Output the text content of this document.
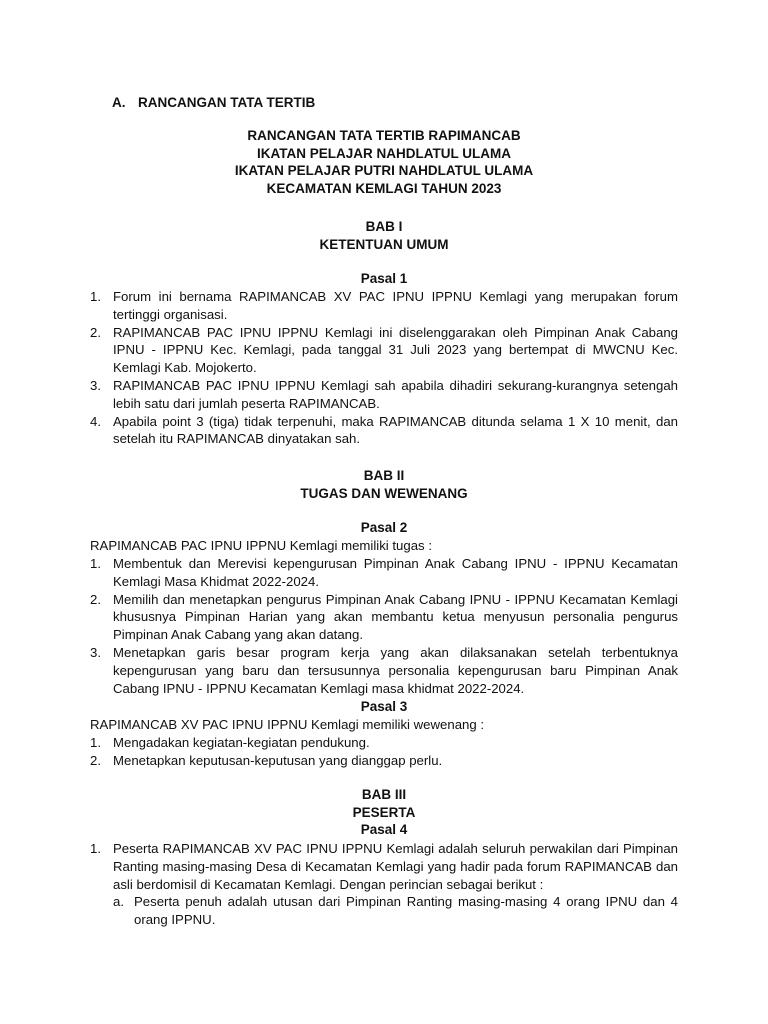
A. RANCANGAN TATA TERTIB
RANCANGAN TATA TERTIB RAPIMANCAB
IKATAN PELAJAR NAHDLATUL ULAMA
IKATAN PELAJAR PUTRI NAHDLATUL ULAMA
KECAMATAN KEMLAGI TAHUN 2023
BAB I
KETENTUAN UMUM
Pasal 1
1. Forum ini bernama RAPIMANCAB XV PAC IPNU IPPNU Kemlagi yang merupakan forum tertinggi organisasi.
2. RAPIMANCAB PAC IPNU IPPNU Kemlagi ini diselenggarakan oleh Pimpinan Anak Cabang IPNU - IPPNU Kec. Kemlagi, pada tanggal 31 Juli 2023 yang bertempat di MWCNU Kec. Kemlagi Kab. Mojokerto.
3. RAPIMANCAB PAC IPNU IPPNU Kemlagi sah apabila dihadiri sekurang-kurangnya setengah lebih satu dari jumlah peserta RAPIMANCAB.
4. Apabila point 3 (tiga) tidak terpenuhi, maka RAPIMANCAB ditunda selama 1 X 10 menit, dan setelah itu RAPIMANCAB dinyatakan sah.
BAB II
TUGAS DAN WEWENANG
Pasal 2
RAPIMANCAB PAC IPNU IPPNU Kemlagi memiliki tugas :
1. Membentuk dan Merevisi kepengurusan Pimpinan Anak Cabang IPNU - IPPNU Kecamatan Kemlagi Masa Khidmat 2022-2024.
2. Memilih dan menetapkan pengurus Pimpinan Anak Cabang IPNU - IPPNU Kecamatan Kemlagi khususnya Pimpinan Harian yang akan membantu ketua menyusun personalia pengurus Pimpinan Anak Cabang yang akan datang.
3. Menetapkan garis besar program kerja yang akan dilaksanakan setelah terbentuknya kepengurusan yang baru dan tersusunnya personalia kepengurusan baru Pimpinan Anak Cabang IPNU - IPPNU Kecamatan Kemlagi masa khidmat 2022-2024.
Pasal 3
RAPIMANCAB XV PAC IPNU IPPNU Kemlagi memiliki wewenang :
1. Mengadakan kegiatan-kegiatan pendukung.
2. Menetapkan keputusan-keputusan yang dianggap perlu.
BAB III
PESERTA
Pasal 4
1. Peserta RAPIMANCAB XV PAC IPNU IPPNU Kemlagi adalah seluruh perwakilan dari Pimpinan Ranting masing-masing Desa di Kecamatan Kemlagi yang hadir pada forum RAPIMANCAB dan asli berdomisil di Kecamatan Kemlagi. Dengan perincian sebagai berikut :
a. Peserta penuh adalah utusan dari Pimpinan Ranting masing-masing 4 orang IPNU dan 4 orang IPPNU.
